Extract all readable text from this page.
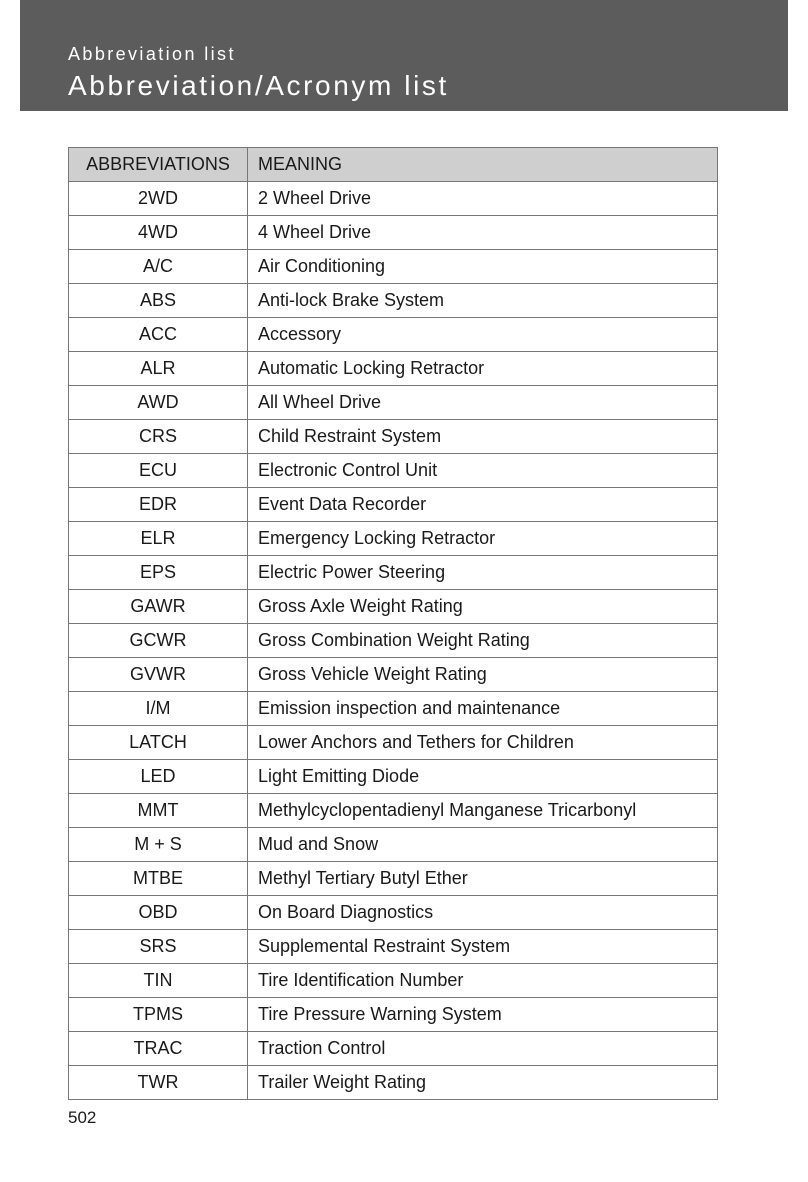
Abbreviation list
Abbreviation/Acronym list
ABBREVIATIONS	MEANING
2WD	2 Wheel Drive
4WD	4 Wheel Drive
A/C	Air Conditioning
ABS	Anti-lock Brake System
ACC	Accessory
ALR	Automatic Locking Retractor
AWD	All Wheel Drive
CRS	Child Restraint System
ECU	Electronic Control Unit
EDR	Event Data Recorder
ELR	Emergency Locking Retractor
EPS	Electric Power Steering
GAWR	Gross Axle Weight Rating
GCWR	Gross Combination Weight Rating
GVWR	Gross Vehicle Weight Rating
I/M	Emission inspection and maintenance
LATCH	Lower Anchors and Tethers for Children
LED	Light Emitting Diode
MMT	Methylcyclopentadienyl Manganese Tricarbonyl
M + S	Mud and Snow
MTBE	Methyl Tertiary Butyl Ether
OBD	On Board Diagnostics
SRS	Supplemental Restraint System
TIN	Tire Identification Number
TPMS	Tire Pressure Warning System
TRAC	Traction Control
TWR	Trailer Weight Rating
502
